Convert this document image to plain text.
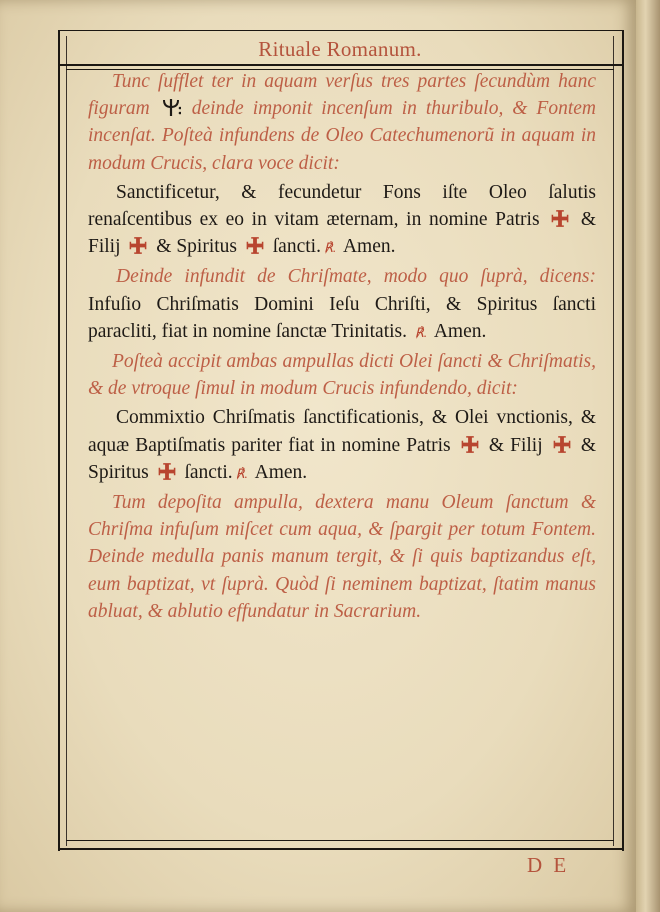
Rituale Romanum.

Tunc ſufflet ter in aquam verſus tres partes ſecundùm hanc figuram deinde imponit incenſum in thuribulo, & Fontem incenſat. Poſteà infundens de Oleo Catechumenorũ in aquam in modum Crucis, clara voce dicit:

Sanctificetur, & fecundetur Fons iſte Oleo ſalutis renaſcentibus ex eo in vitam æternam, in nomine Patris & Filij & Spiritus ſancti. ℟. Amen.

Deinde infundit de Chriſmate, modo quo ſuprà, dicens: Infuſio Chriſmatis Domini Ieſu Chriſti, & Spiritus ſancti paracliti, fiat in nomine ſanctæ Trinitatis. ℟. Amen.

Poſteà accipit ambas ampullas dicti Olei ſancti & Chriſmatis, & de vtroque ſimul in modum Crucis infundendo, dicit:

Commixtio Chriſmatis ſanctificationis, & Olei vnctionis, & aquæ Baptiſmatis pariter fiat in nomine Patris & Filij & Spiritus ſancti. ℟. Amen.

Tum depoſita ampulla, dextera manu Oleum ſanctum & Chriſma infuſum miſcet cum aqua, & ſpargit per totum Fontem. Deinde medulla panis manum tergit, & ſi quis baptizandus eſt, eum baptizat, vt ſuprà. Quòd ſi neminem baptizat, ſtatim manus abluat, & ablutio effundatur in Sacrarium.

D E
